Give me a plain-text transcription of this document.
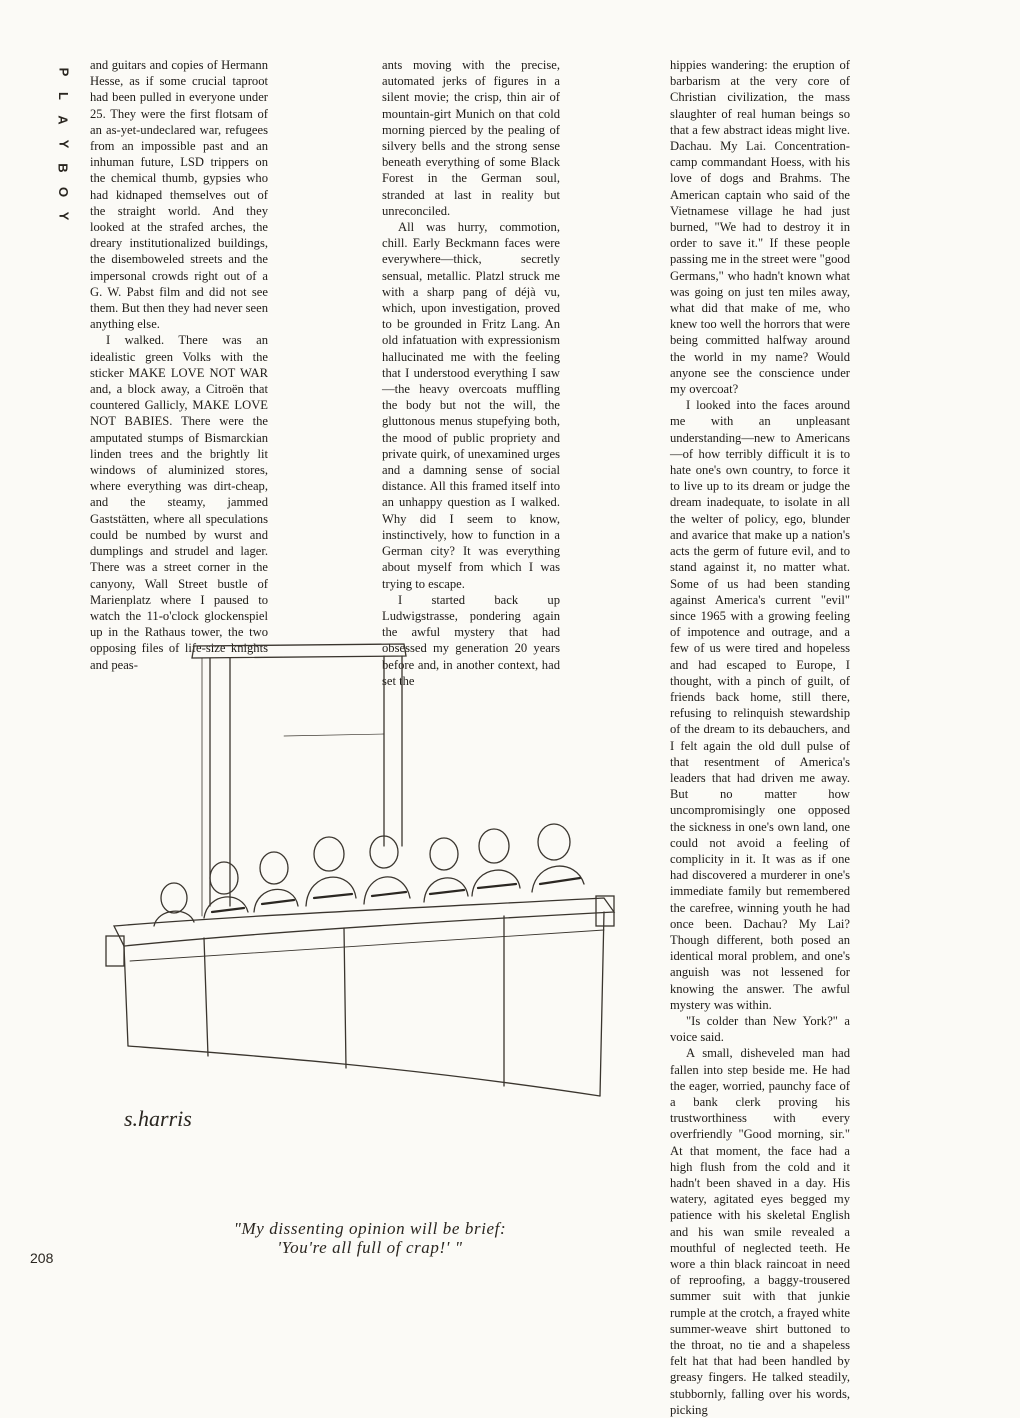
P
L
A
Y
B
O
Y
208

and guitars and copies of Hermann Hesse, as if some crucial taproot had been pulled in everyone under 25. They were the first flotsam of an as-yet-undeclared war, refugees from an impossible past and an inhuman future, LSD trippers on the chemical thumb, gypsies who had kidnaped themselves out of the straight world. And they looked at the strafed arches, the dreary institutionalized buildings, the disemboweled streets and the impersonal crowds right out of a G. W. Pabst film and did not see them. But then they had never seen anything else.

I walked. There was an idealistic green Volks with the sticker MAKE LOVE NOT WAR and, a block away, a Citroën that countered Gallicly, MAKE LOVE NOT BABIES. There were the amputated stumps of Bismarckian linden trees and the brightly lit windows of aluminized stores, where everything was dirt-cheap, and the steamy, jammed Gaststätten, where all speculations could be numbed by wurst and dumplings and strudel and lager. There was a street corner in the canyony, Wall Street bustle of Marienplatz where I paused to watch the 11-o'clock glockenspiel up in the Rathaus tower, the two opposing files of life-size knights and peas-

ants moving with the precise, automated jerks of figures in a silent movie; the crisp, thin air of mountain-girt Munich on that cold morning pierced by the pealing of silvery bells and the strong sense beneath everything of some Black Forest in the German soul, stranded at last in reality but unreconciled.

All was hurry, commotion, chill. Early Beckmann faces were everywhere—thick, secretly sensual, metallic. Platzl struck me with a sharp pang of déjà vu, which, upon investigation, proved to be grounded in Fritz Lang. An old infatuation with expressionism hallucinated me with the feeling that I understood everything I saw—the heavy overcoats muffling the body but not the will, the gluttonous menus stupefying both, the mood of public propriety and private quirk, of unexamined urges and a damning sense of social distance. All this framed itself into an unhappy question as I walked. Why did I seem to know, instinctively, how to function in a German city? It was everything about myself from which I was trying to escape.

I started back up Ludwigstrasse, pondering again the awful mystery that had obsessed my generation 20 years before and, in another context, had set the

hippies wandering: the eruption of barbarism at the very core of Christian civilization, the mass slaughter of real human beings so that a few abstract ideas might live. Dachau. My Lai. Concentration-camp commandant Hoess, with his love of dogs and Brahms. The American captain who said of the Vietnamese village he had just burned, "We had to destroy it in order to save it." If these people passing me in the street were "good Germans," who hadn't known what was going on just ten miles away, what did that make of me, who knew too well the horrors that were being committed halfway around the world in my name? Would anyone see the conscience under my overcoat?

I looked into the faces around me with an unpleasant understanding—new to Americans—of how terribly difficult it is to hate one's own country, to force it to live up to its dream or judge the dream inadequate, to isolate in all the welter of policy, ego, blunder and avarice that make up a nation's acts the germ of future evil, and to stand against it, no matter what. Some of us had been standing against America's current "evil" since 1965 with a growing feeling of impotence and outrage, and a few of us were tired and hopeless and had escaped to Europe, I thought, with a pinch of guilt, of friends back home, still there, refusing to relinquish stewardship of the dream to its debauchers, and I felt again the old dull pulse of that resentment of America's leaders that had driven me away. But no matter how uncompromisingly one opposed the sickness in one's own land, one could not avoid a feeling of complicity in it. It was as if one had discovered a murderer in one's immediate family but remembered the carefree, winning youth he had once been. Dachau? My Lai? Though different, both posed an identical moral problem, and one's anguish was not lessened for knowing the answer. The awful mystery was within.

"Is colder than New York?" a voice said.

A small, disheveled man had fallen into step beside me. He had the eager, worried, paunchy face of a bank clerk proving his trustworthiness with every overfriendly "Good morning, sir." At that moment, the face had a high flush from the cold and it hadn't been shaved in a day. His watery, agitated eyes begged my patience with his skeletal English and his wan smile revealed a mouthful of neglected teeth. He wore a thin black raincoat in need of reproofing, a baggy-trousered summer suit with that junkie rumple at the crotch, a frayed white summer-weave shirt buttoned to the throat, no tie and a shapeless felt hat that had been handled by greasy fingers. He talked steadily, stubbornly, falling over his words, picking

s.harris
"My dissenting opinion will be brief:
'You're all full of crap!' "
